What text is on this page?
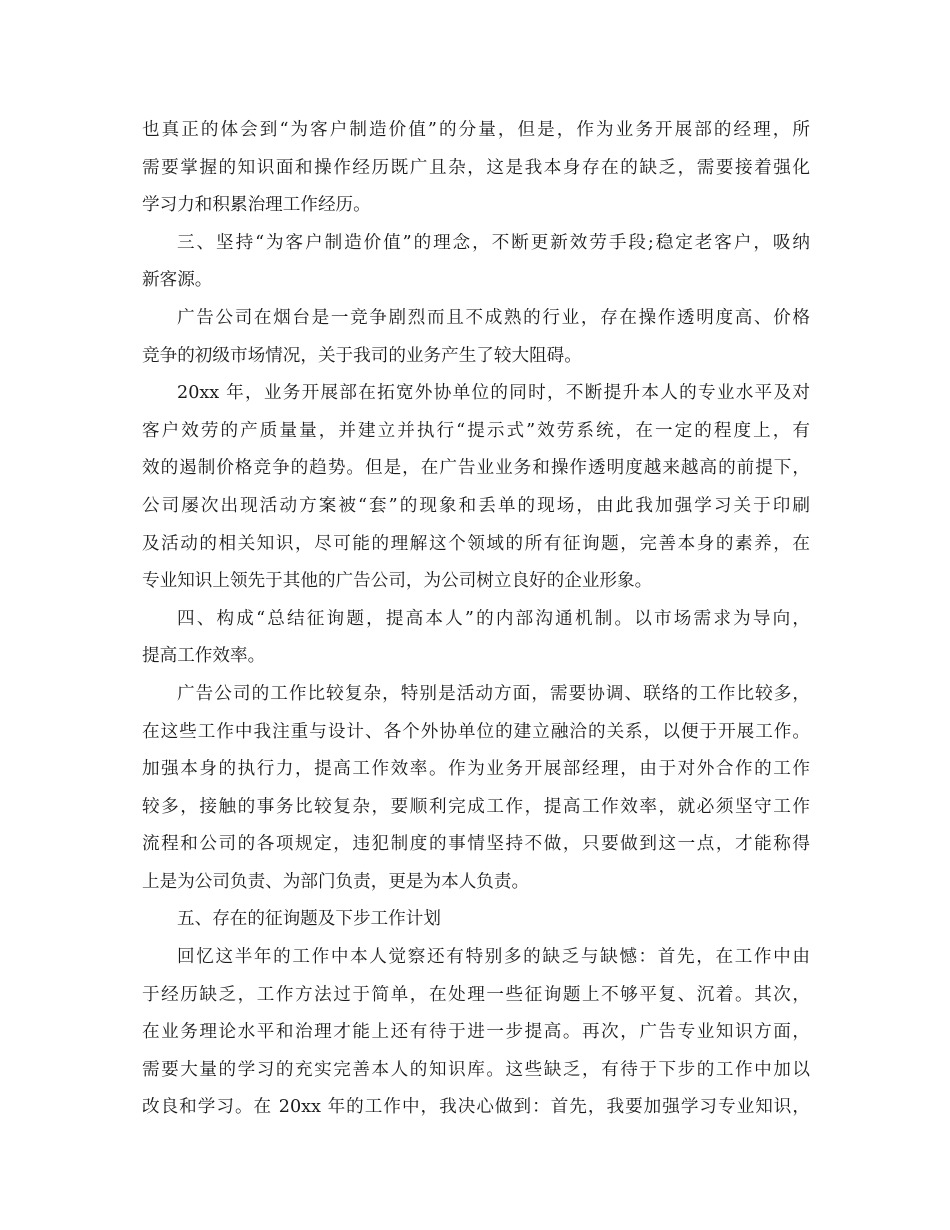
也真正的体会到“为客户制造价值”的分量，但是，作为业务开展部的经理，所
需要掌握的知识面和操作经历既广且杂，这是我本身存在的缺乏，需要接着强化
学习力和积累治理工作经历。
三、坚持“为客户制造价值”的理念，不断更新效劳手段;稳定老客户，吸纳
新客源。
广告公司在烟台是一竞争剧烈而且不成熟的行业，存在操作透明度高、价格
竞争的初级市场情况，关于我司的业务产生了较大阻碍。
20xx 年，业务开展部在拓宽外协单位的同时，不断提升本人的专业水平及对
客户效劳的产质量量，并建立并执行“提示式”效劳系统，在一定的程度上，有
效的遏制价格竞争的趋势。但是，在广告业业务和操作透明度越来越高的前提下，
公司屡次出现活动方案被“套”的现象和丢单的现场，由此我加强学习关于印刷
及活动的相关知识，尽可能的理解这个领域的所有征询题，完善本身的素养，在
专业知识上领先于其他的广告公司，为公司树立良好的企业形象。
四、构成“总结征询题，提高本人”的内部沟通机制。以市场需求为导向，
提高工作效率。
广告公司的工作比较复杂，特别是活动方面，需要协调、联络的工作比较多，
在这些工作中我注重与设计、各个外协单位的建立融洽的关系，以便于开展工作。
加强本身的执行力，提高工作效率。作为业务开展部经理，由于对外合作的工作
较多，接触的事务比较复杂，要顺利完成工作，提高工作效率，就必须坚守工作
流程和公司的各项规定，违犯制度的事情坚持不做，只要做到这一点，才能称得
上是为公司负责、为部门负责，更是为本人负责。
五、存在的征询题及下步工作计划
回忆这半年的工作中本人觉察还有特别多的缺乏与缺憾：首先，在工作中由
于经历缺乏，工作方法过于简单，在处理一些征询题上不够平复、沉着。其次，
在业务理论水平和治理才能上还有待于进一步提高。再次，广告专业知识方面，
需要大量的学习的充实完善本人的知识库。这些缺乏，有待于下步的工作中加以
改良和学习。在 20xx 年的工作中，我决心做到：首先，我要加强学习专业知识，
